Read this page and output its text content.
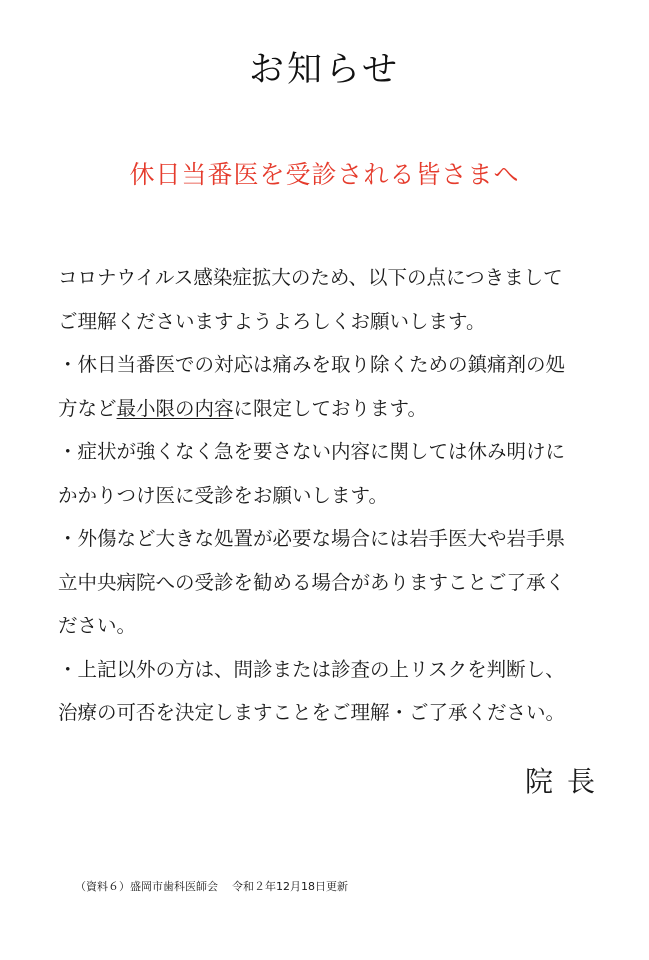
お知らせ
休日当番医を受診される皆さまへ
コロナウイルス感染症拡大のため、以下の点につきまして
ご理解くださいますようよろしくお願いします。
・休日当番医での対応は痛みを取り除くための鎮痛剤の処
方など最小限の内容に限定しております。
・症状が強くなく急を要さない内容に関しては休み明けに
かかりつけ医に受診をお願いします。
・外傷など大きな処置が必要な場合には岩手医大や岩手県
立中央病院への受診を勧める場合がありますことご了承く
ださい。
・上記以外の方は、問診または診査の上リスクを判断し、
治療の可否を決定しますことをご理解・ご了承ください。
院長
（資料６）盛岡市歯科医師会 令和２年12月18日更新
